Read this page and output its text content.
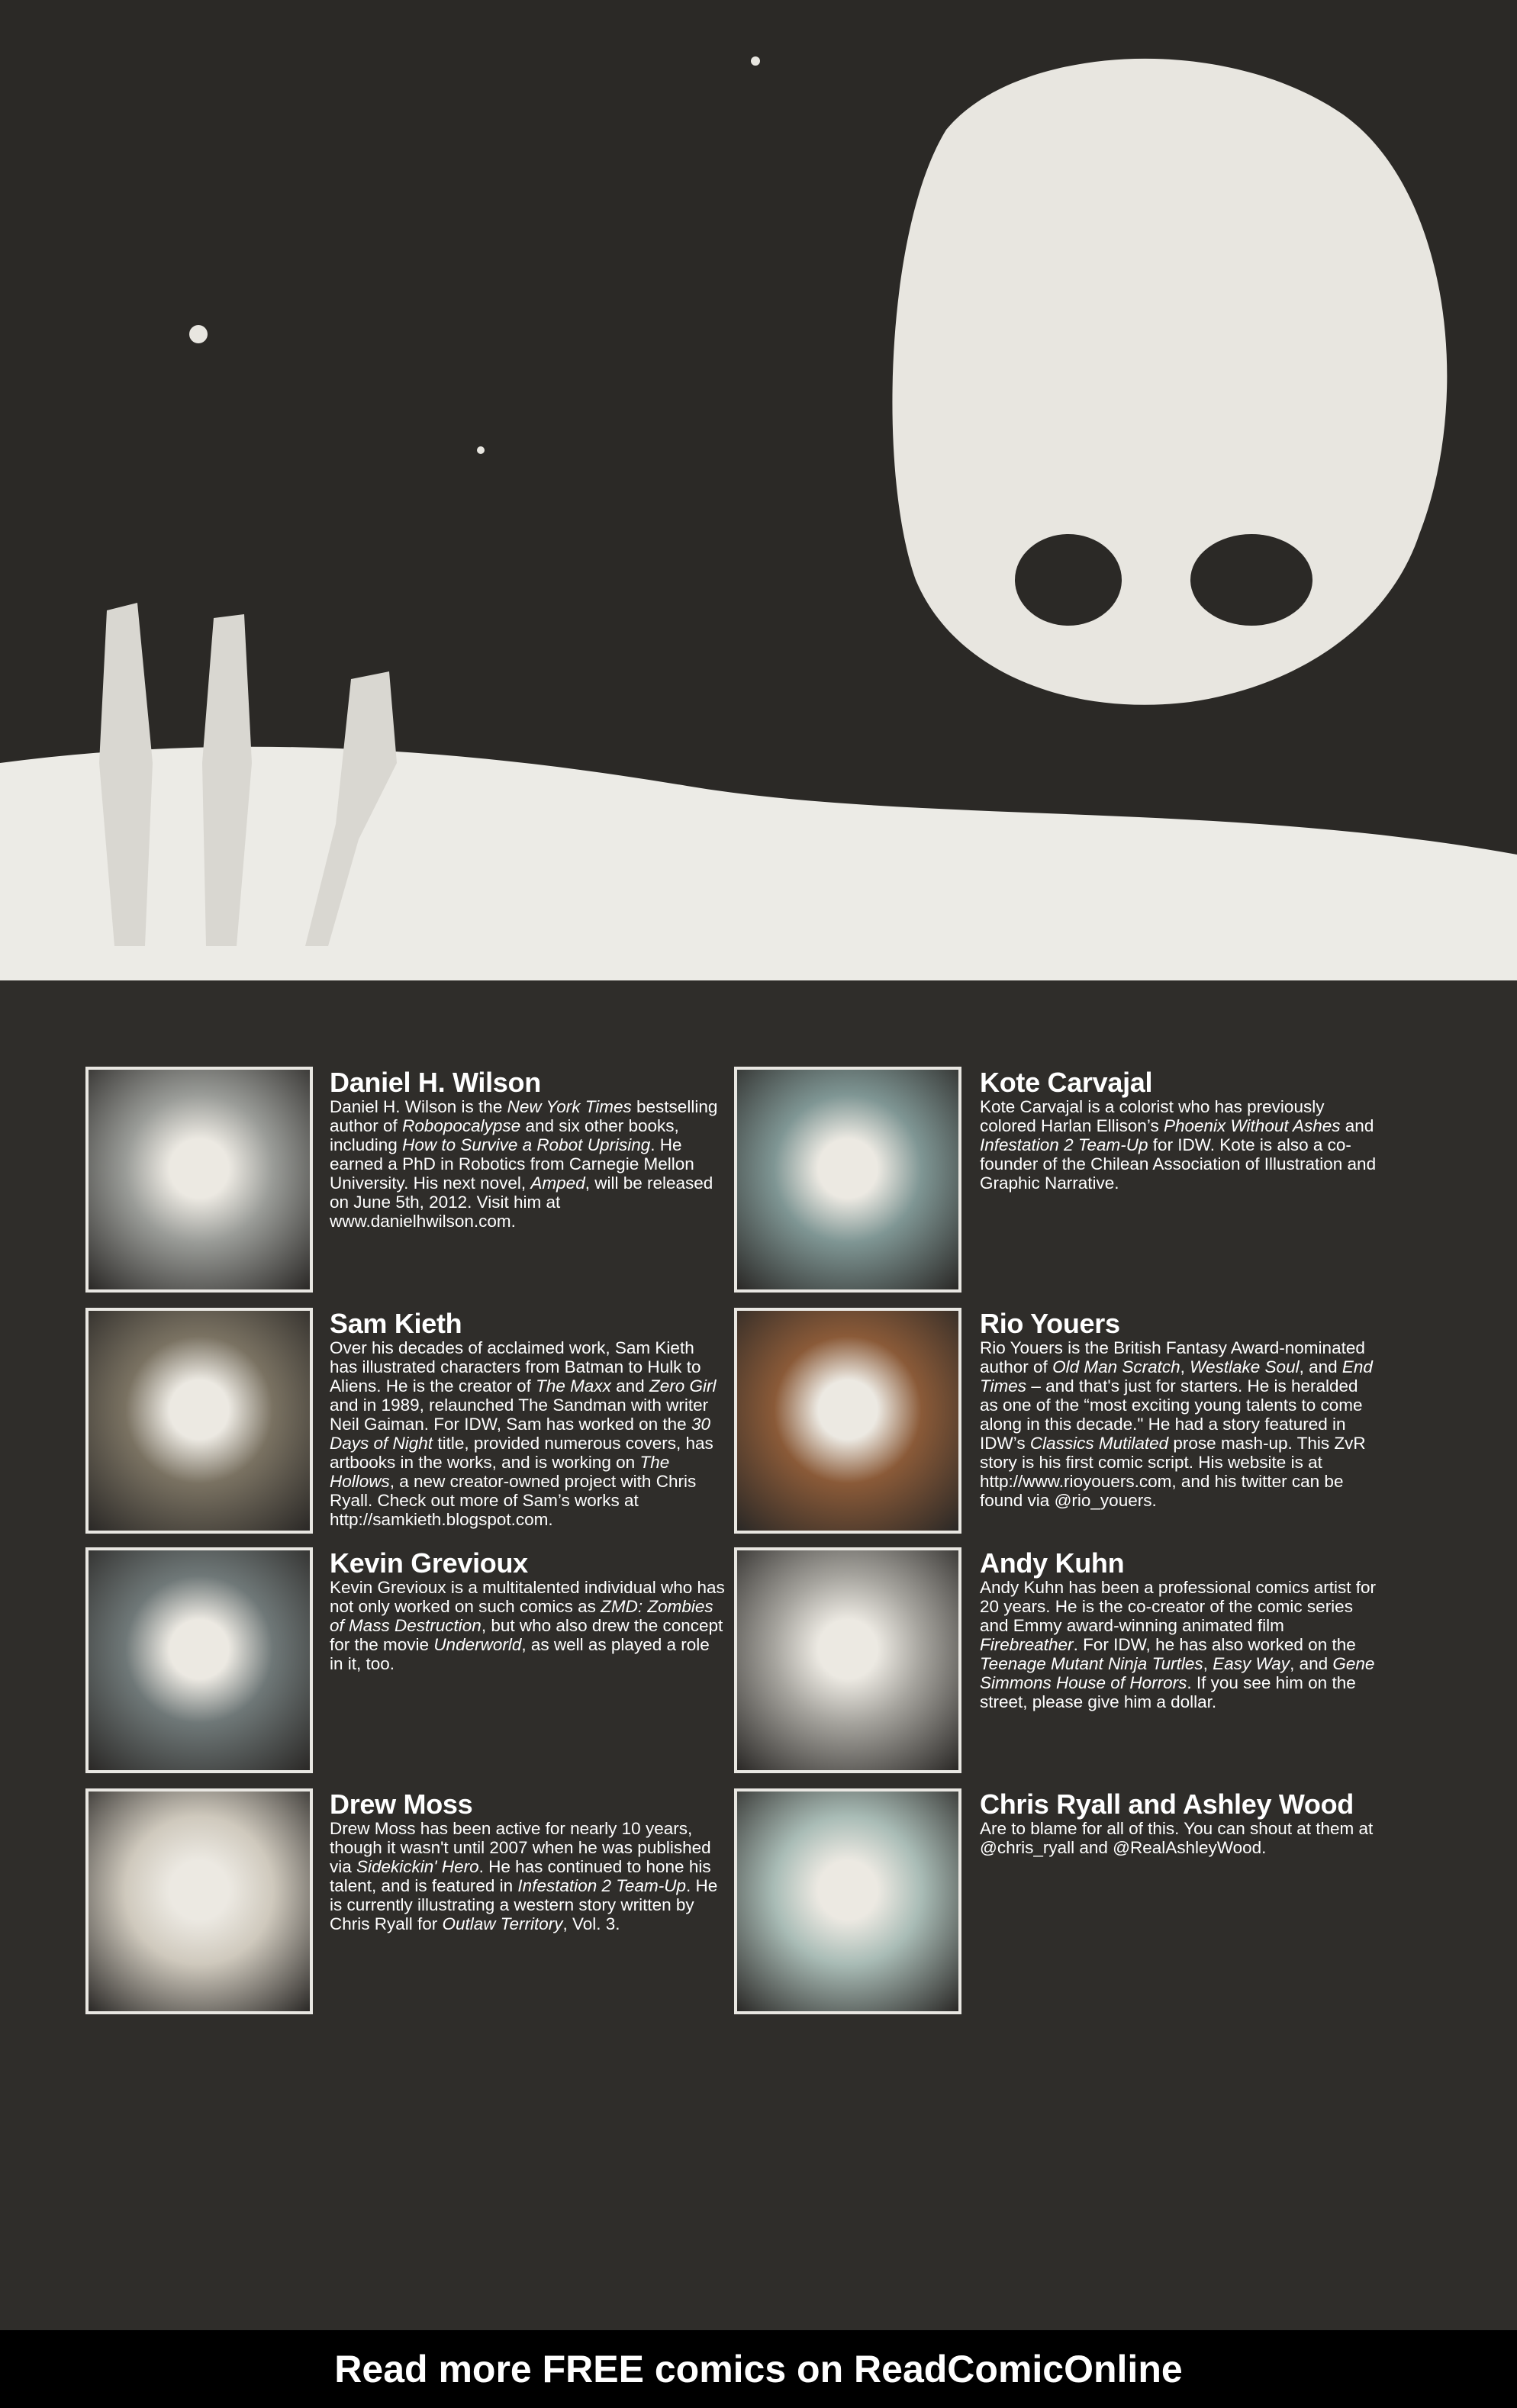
Daniel H. Wilson

Daniel H. Wilson is the New York Times bestselling author of Robopocalypse and six other books, including How to Survive a Robot Uprising. He earned a PhD in Robotics from Carnegie Mellon University. His next novel, Amped, will be released on June 5th, 2012. Visit him at www.danielhwilson.com.

Kote Carvajal

Kote Carvajal is a colorist who has previously colored Harlan Ellison’s Phoenix Without Ashes and Infestation 2 Team-Up for IDW. Kote is also a co-founder of the Chilean Association of Illustration and Graphic Narrative.

Sam Kieth

Over his decades of acclaimed work, Sam Kieth has illustrated characters from Batman to Hulk to Aliens. He is the creator of The Maxx and Zero Girl and in 1989, relaunched The Sandman with writer Neil Gaiman. For IDW, Sam has worked on the 30 Days of Night title, provided numerous covers, has artbooks in the works, and is working on The Hollows, a new creator-owned project with Chris Ryall. Check out more of Sam’s works at http://samkieth.blogspot.com.

Rio Youers

Rio Youers is the British Fantasy Award-nominated author of Old Man Scratch, Westlake Soul, and End Times – and that's just for starters. He is heralded as one of the “most exciting young talents to come along in this decade." He had a story featured in IDW’s Classics Mutilated prose mash-up. This ZvR story is his first comic script. His website is at http://www.rioyouers.com, and his twitter can be found via @rio_youers.

Kevin Grevioux

Kevin Grevioux is a multitalented individual who has not only worked on such comics as ZMD: Zombies of Mass Destruction, but who also drew the concept for the movie Underworld, as well as played a role in it, too.

Andy Kuhn

Andy Kuhn has been a professional comics artist for 20 years. He is the co-creator of the comic series and Emmy award-winning animated film Firebreather. For IDW, he has also worked on the Teenage Mutant Ninja Turtles, Easy Way, and Gene Simmons House of Horrors. If you see him on the street, please give him a dollar.

Drew Moss

Drew Moss has been active for nearly 10 years, though it wasn't until 2007 when he was published via Sidekickin' Hero. He has continued to hone his talent, and is featured in Infestation 2 Team-Up. He is currently illustrating a western story written by Chris Ryall for Outlaw Territory, Vol. 3.

Chris Ryall and Ashley Wood

Are to blame for all of this. You can shout at them at @chris_ryall and @RealAshleyWood.

Read more FREE comics on ReadComicOnline
